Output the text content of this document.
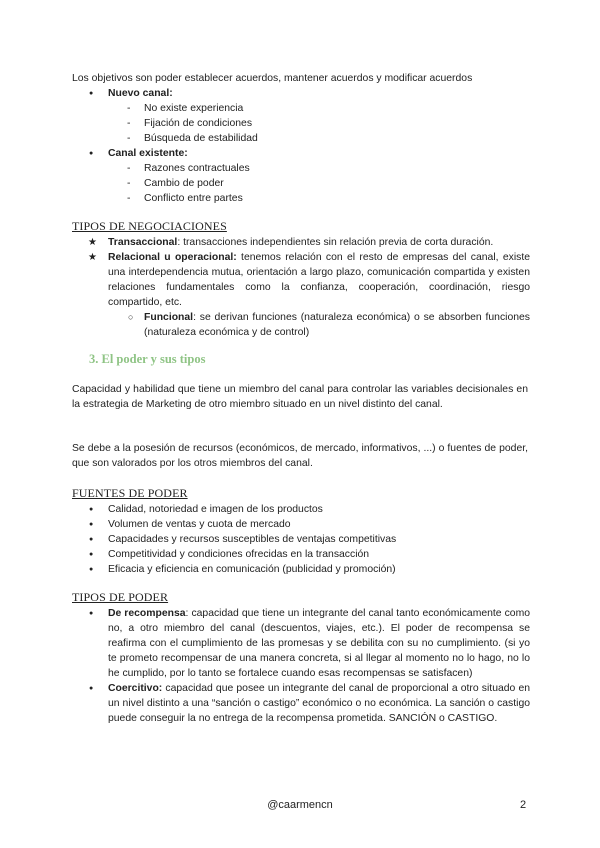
Los objetivos son poder establecer acuerdos, mantener acuerdos y modificar acuerdos
● Nuevo canal:
- No existe experiencia
- Fijación de condiciones
- Búsqueda de estabilidad
● Canal existente:
- Razones contractuales
- Cambio de poder
- Conflicto entre partes
TIPOS DE NEGOCIACIONES
★ Transaccional: transacciones independientes sin relación previa de corta duración.
★ Relacional u operacional: tenemos relación con el resto de empresas del canal, existe una interdependencia mutua, orientación a largo plazo, comunicación compartida y existen relaciones fundamentales como la confianza, cooperación, coordinación, riesgo compartido, etc.
○ Funcional: se derivan funciones (naturaleza económica) o se absorben funciones (naturaleza económica y de control)
3. El poder y sus tipos
Capacidad y habilidad que tiene un miembro del canal para controlar las variables decisionales en la estrategia de Marketing de otro miembro situado en un nivel distinto del canal.
Se debe a la posesión de recursos (económicos, de mercado, informativos, ...) o fuentes de poder, que son valorados por los otros miembros del canal.
FUENTES DE PODER
● Calidad, notoriedad e imagen de los productos
● Volumen de ventas y cuota de mercado
● Capacidades y recursos susceptibles de ventajas competitivas
● Competitividad y condiciones ofrecidas en la transacción
● Eficacia y eficiencia en comunicación (publicidad y promoción)
TIPOS DE PODER
● De recompensa: capacidad que tiene un integrante del canal tanto económicamente como no, a otro miembro del canal (descuentos, viajes, etc.). El poder de recompensa se reafirma con el cumplimiento de las promesas y se debilita con su no cumplimiento. (si yo te prometo recompensar de una manera concreta, si al llegar al momento no lo hago, no lo he cumplido, por lo tanto se fortalece cuando esas recompensas se satisfacen)
● Coercitivo: capacidad que posee un integrante del canal de proporcional a otro situado en un nivel distinto a una “sanción o castigo” económico o no económica. La sanción o castigo puede conseguir la no entrega de la recompensa prometida. SANCIÓN o CASTIGO.
@caarmencn	2
